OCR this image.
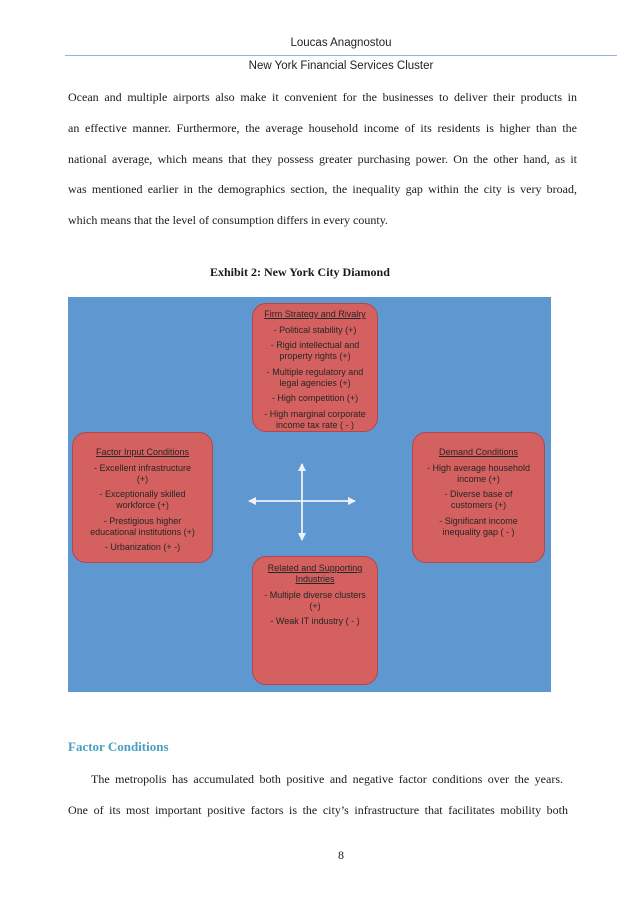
Loucas Anagnostou
New York Financial Services Cluster
Ocean and multiple airports also make it convenient for the businesses to deliver their products in
an effective manner. Furthermore, the average household income of its residents is higher than the
national average, which means that they possess greater purchasing power. On the other hand, as it
was mentioned earlier in the demographics section, the inequality gap within the city is very broad,
which means that the level of consumption differs in every county.
Exhibit 2: New York City Diamond
Firm Strategy and Rivalry
- Political stability (+)
- Rigid intellectual and
property rights (+)
- Multiple regulatory and
legal agencies (+)
- High competition (+)
- High marginal corporate
income tax rate ( - )
Factor Input Conditions
- Excellent infrastructure
(+)
- Exceptionally skilled
workforce (+)
- Prestigious higher
educational institutions (+)
- Urbanization (+ -)
Demand Conditions
- High average household
income (+)
- Diverse base of
customers (+)
- Significant income
inequality gap ( - )
Related and Supporting
Industries
- Multiple diverse clusters
(+)
- Weak IT industry ( - )
Factor Conditions
The metropolis has accumulated both positive and negative factor conditions over the years.
One of its most important positive factors is the city’s infrastructure that facilitates mobility both
8
